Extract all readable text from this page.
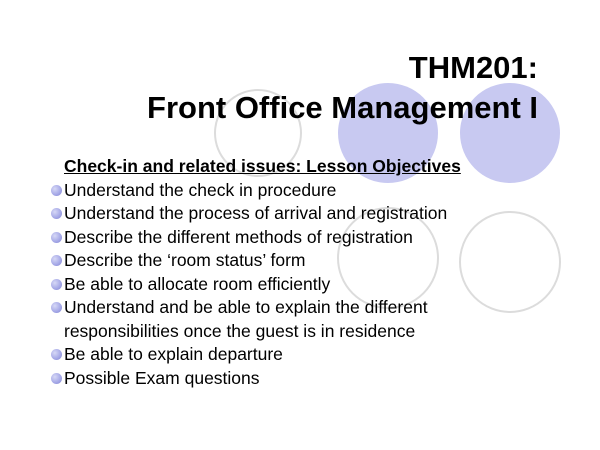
THM201:
Front Office Management I
Check-in and related issues: Lesson Objectives
Understand the check in procedure
Understand the process of arrival and registration
Describe the different methods of registration
Describe the ‘room status’ form
Be able to allocate room efficiently
Understand and be able to explain the different
responsibilities once the guest is in residence
Be able to explain departure
Possible Exam questions
